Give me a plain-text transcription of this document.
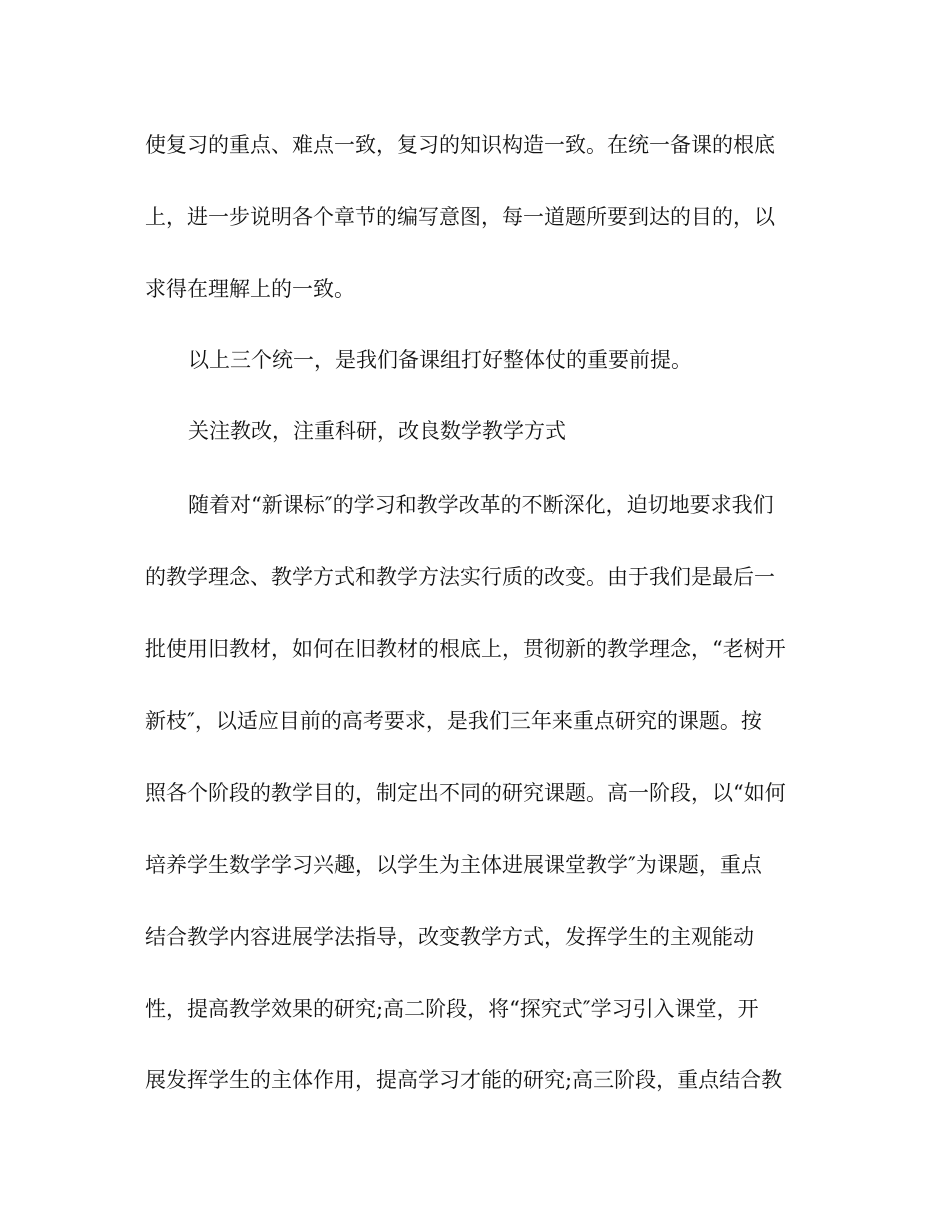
使复习的重点、难点一致，复习的知识构造一致。在统一备课的根底
上，进一步说明各个章节的编写意图，每一道题所要到达的目的，以
求得在理解上的一致。
以上三个统一，是我们备课组打好整体仗的重要前提。
关注教改，注重科研，改良数学教学方式
随着对“新课标″的学习和教学改革的不断深化，迫切地要求我们
的教学理念、教学方式和教学方法实行质的改变。由于我们是最后一
批使用旧教材，如何在旧教材的根底上，贯彻新的教学理念，“老树开
新枝″，以适应目前的高考要求，是我们三年来重点研究的课题。按
照各个阶段的教学目的，制定出不同的研究课题。高一阶段，以“如何
培养学生数学学习兴趣，以学生为主体进展课堂教学″为课题，重点
结合教学内容进展学法指导，改变教学方式，发挥学生的主观能动
性，提高教学效果的研究;高二阶段，将“探究式″学习引入课堂，开
展发挥学生的主体作用，提高学习才能的研究;高三阶段，重点结合教
